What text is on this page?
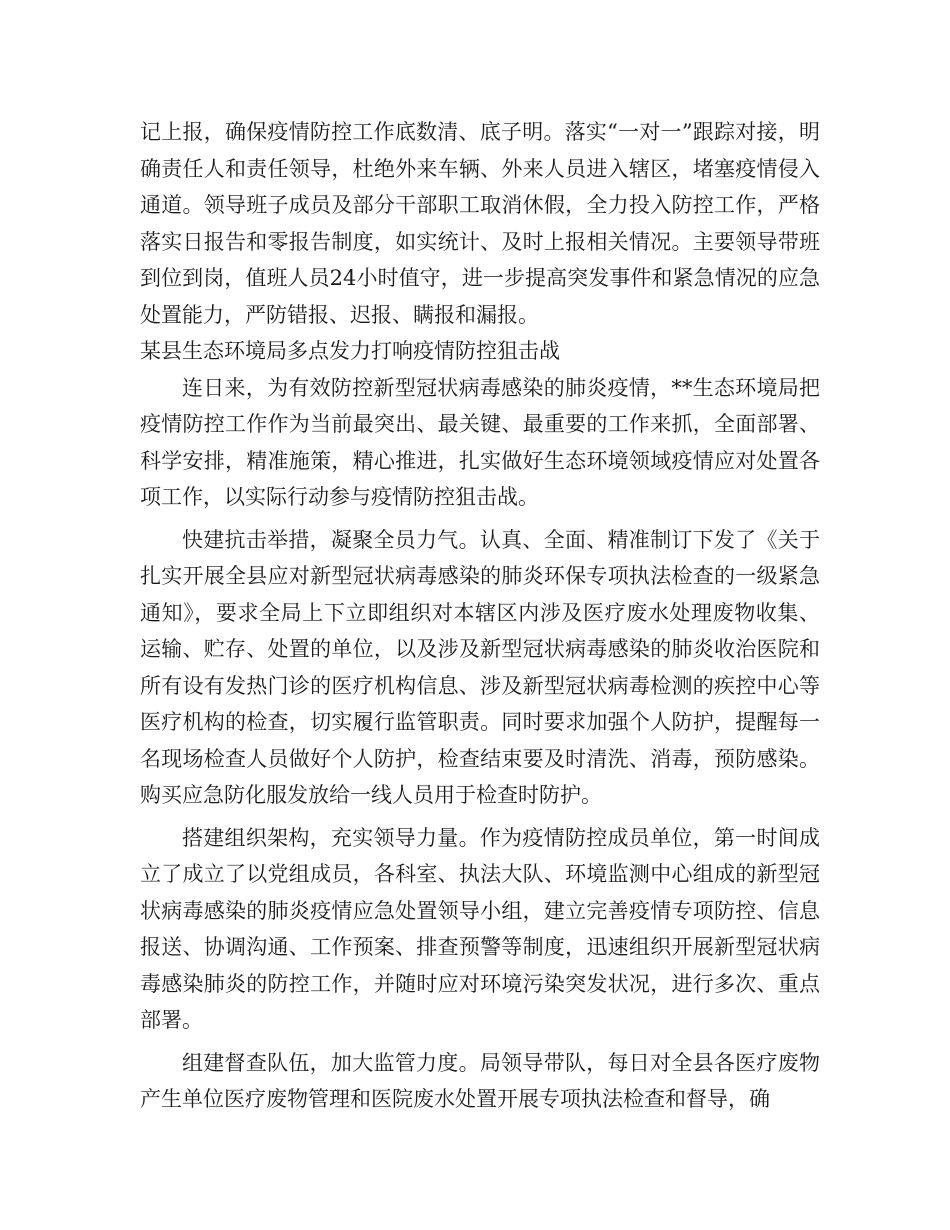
记上报，确保疫情防控工作底数清、底子明。落实“一对一”跟踪对接，明确责任人和责任领导，杜绝外来车辆、外来人员进入辖区，堵塞疫情侵入通道。领导班子成员及部分干部职工取消休假，全力投入防控工作，严格落实日报告和零报告制度，如实统计、及时上报相关情况。主要领导带班到位到岗，值班人员24小时值守，进一步提高突发事件和紧急情况的应急处置能力，严防错报、迟报、瞒报和漏报。

某县生态环境局多点发力打响疫情防控狙击战

连日来，为有效防控新型冠状病毒感染的肺炎疫情，**生态环境局把疫情防控工作作为当前最突出、最关键、最重要的工作来抓，全面部署、科学安排，精准施策，精心推进，扎实做好生态环境领域疫情应对处置各项工作，以实际行动参与疫情防控狙击战。

快建抗击举措，凝聚全员力气。认真、全面、精准制订下发了《关于扎实开展全县应对新型冠状病毒感染的肺炎环保专项执法检查的一级紧急通知》，要求全局上下立即组织对本辖区内涉及医疗废水处理废物收集、运输、贮存、处置的单位，以及涉及新型冠状病毒感染的肺炎收治医院和所有设有发热门诊的医疗机构信息、涉及新型冠状病毒检测的疾控中心等医疗机构的检查，切实履行监管职责。同时要求加强个人防护，提醒每一名现场检查人员做好个人防护，检查结束要及时清洗、消毒，预防感染。购买应急防化服发放给一线人员用于检查时防护。

搭建组织架构，充实领导力量。作为疫情防控成员单位，第一时间成立了成立了以党组成员，各科室、执法大队、环境监测中心组成的新型冠状病毒感染的肺炎疫情应急处置领导小组，建立完善疫情专项防控、信息报送、协调沟通、工作预案、排查预警等制度，迅速组织开展新型冠状病毒感染肺炎的防控工作，并随时应对环境污染突发状况，进行多次、重点部署。

组建督查队伍，加大监管力度。局领导带队，每日对全县各医疗废物产生单位医疗废物管理和医院废水处置开展专项执法检查和督导，确
